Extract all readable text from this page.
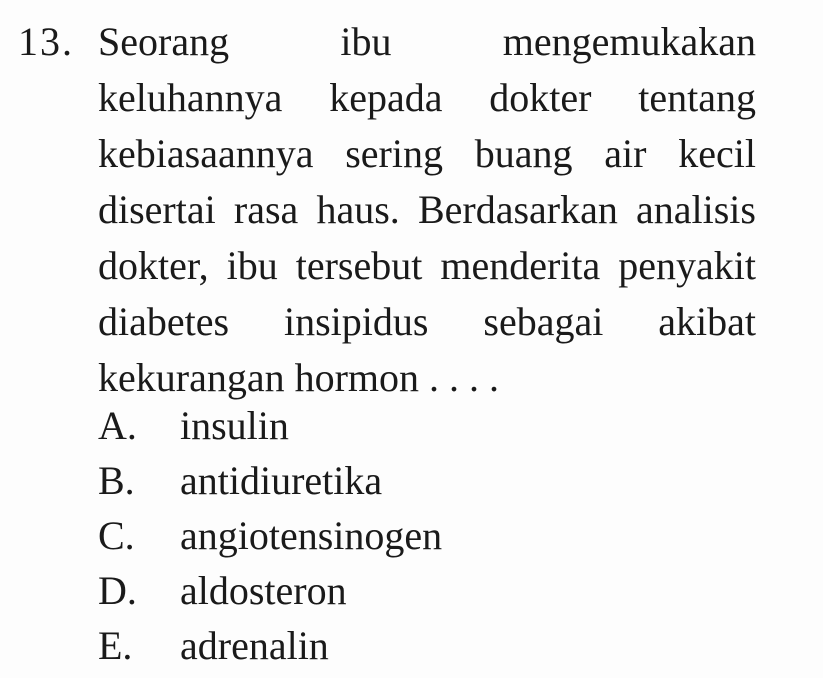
13. Seorang ibu mengemukakan
keluhannya kepada dokter tentang
kebiasaannya sering buang air kecil
disertai rasa haus. Berdasarkan analisis
dokter, ibu tersebut menderita penyakit
diabetes insipidus sebagai akibat
kekurangan hormon . . . .
A. insulin
B. antidiuretika
C. angiotensinogen
D. aldosteron
E. adrenalin
